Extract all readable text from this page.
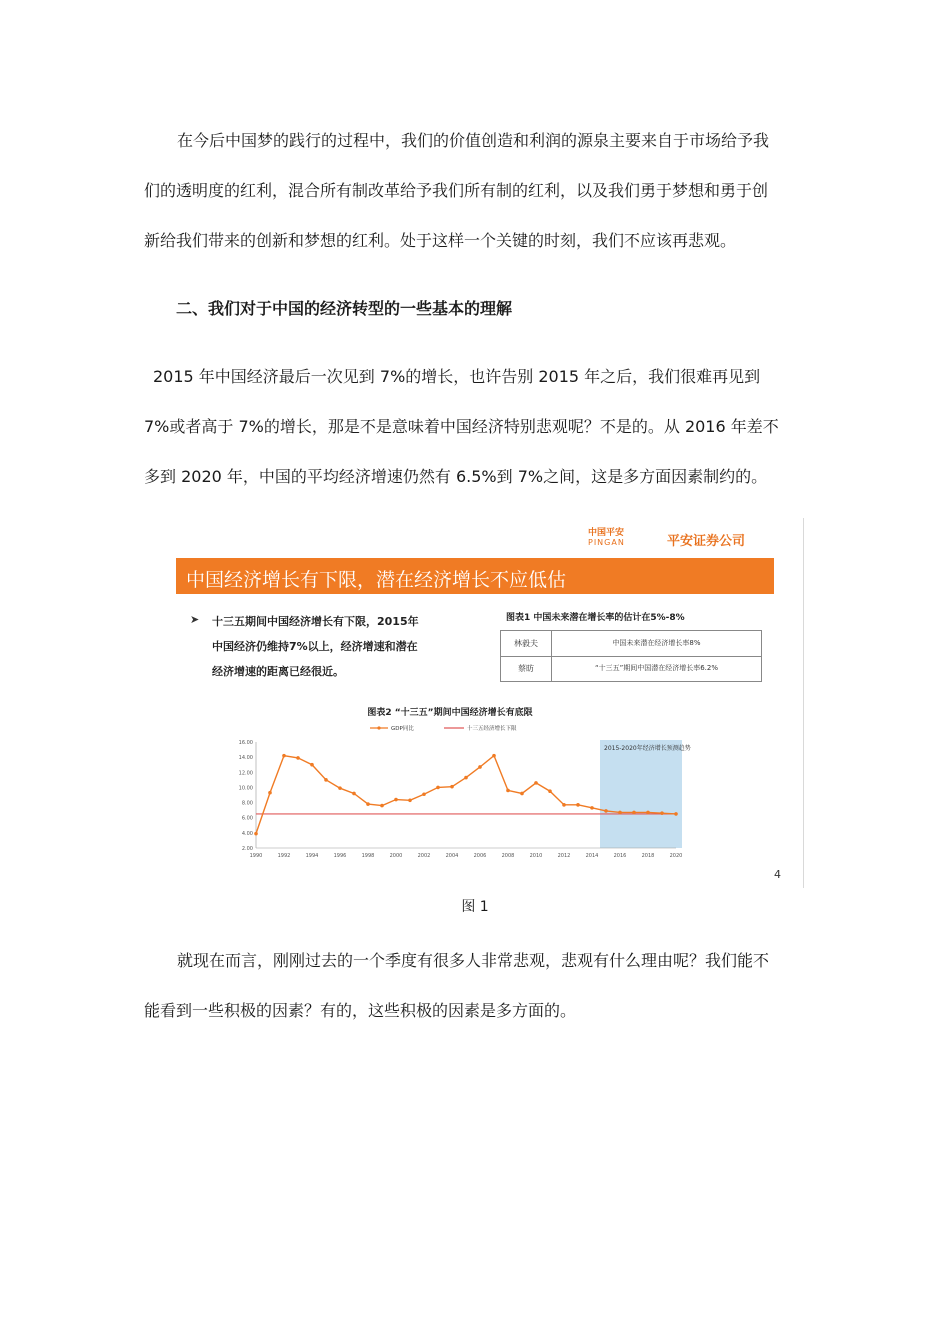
在今后中国梦的践行的过程中，我们的价值创造和利润的源泉主要来自于市场给予我
们的透明度的红利，混合所有制改革给予我们所有制的红利，以及我们勇于梦想和勇于创
新给我们带来的创新和梦想的红利。处于这样一个关键的时刻，我们不应该再悲观。
二、我们对于中国的经济转型的一些基本的理解
2015 年中国经济最后一次见到 7%的增长，也许告别 2015 年之后，我们很难再见到
7%或者高于 7%的增长，那是不是意味着中国经济特别悲观呢？不是的。从 2016 年差不
多到 2020 年，中国的平均经济增速仍然有 6.5%到 7%之间，这是多方面因素制约的。
中国平安
PINGAN	平安证券公司
中国经济增长有下限，潜在经济增长不应低估
➤ 十三五期间中国经济增长有下限，2015年
中国经济仍维持7%以上，经济增速和潜在
经济增速的距离已经很近。
图表1 中国未来潜在增长率的估计在5%-8%
林毅夫	中国未来潜在经济增长率8%
蔡昉	“十三五”期间中国潜在经济增长率6.2%
图表2 “十三五”期间中国经济增长有底限
2015-2020年经济增长预测趋势
16.00
14.00
12.00
10.00
8.00
6.00
4.00
2.00
1990	1992	1994	1996	1998	2000	2002	2004	2006	2008	2010	2012	2014	2016	2018	2020
GDP同比	十三五经济增长下限
4
图 1
就现在而言，刚刚过去的一个季度有很多人非常悲观，悲观有什么理由呢？我们能不
能看到一些积极的因素？有的，这些积极的因素是多方面的。
